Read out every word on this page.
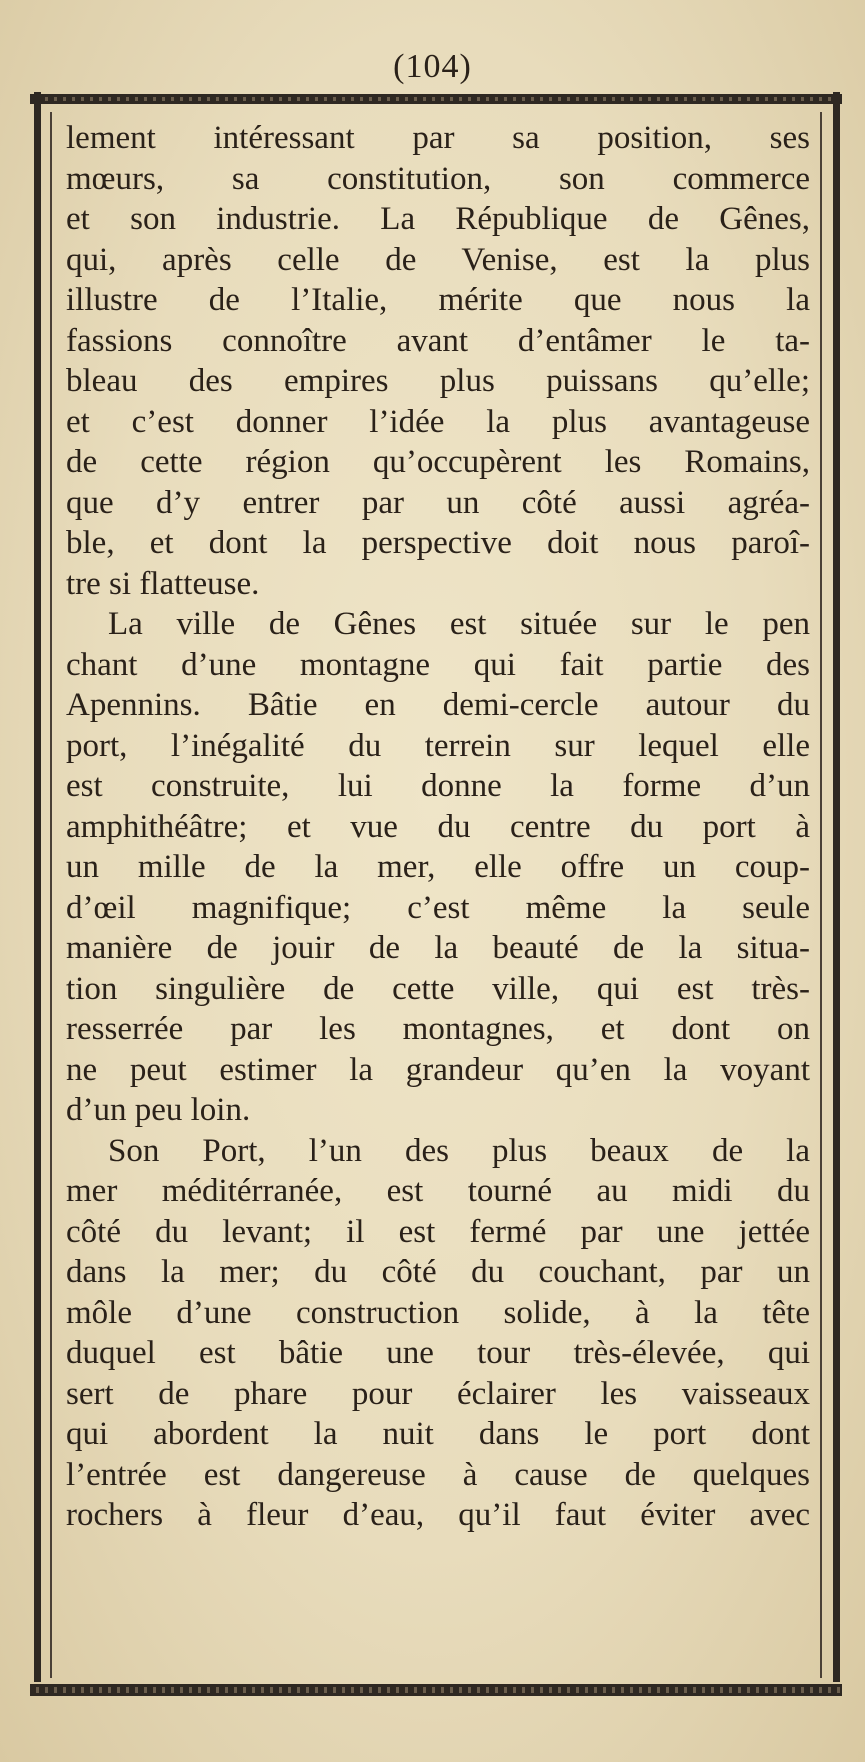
(104)
lement intéressant par sa position, ses
mœurs, sa constitution, son commerce
et son industrie. La République de Gênes,
qui, après celle de Venise, est la plus
illustre de l’Italie, mérite que nous la
fassions connoître avant d’entâmer le ta-
bleau des empires plus puissans qu’elle;
et c’est donner l’idée la plus avantageuse
de cette région qu’occupèrent les Romains,
que d’y entrer par un côté aussi agréa-
ble, et dont la perspective doit nous paroî-
tre si flatteuse.
La ville de Gênes est située sur le pen
chant d’une montagne qui fait partie des
Apennins. Bâtie en demi-cercle autour du
port, l’inégalité du terrein sur lequel elle
est construite, lui donne la forme d’un
amphithéâtre; et vue du centre du port à
un mille de la mer, elle offre un coup-
d’œil magnifique; c’est même la seule
manière de jouir de la beauté de la situa-
tion singulière de cette ville, qui est très-
resserrée par les montagnes, et dont on
ne peut estimer la grandeur qu’en la voyant
d’un peu loin.
Son Port, l’un des plus beaux de la
mer méditérranée, est tourné au midi du
côté du levant; il est fermé par une jettée
dans la mer; du côté du couchant, par un
môle d’une construction solide, à la tête
duquel est bâtie une tour très-élevée, qui
sert de phare pour éclairer les vaisseaux
qui abordent la nuit dans le port dont
l’entrée est dangereuse à cause de quelques
rochers à fleur d’eau, qu’il faut éviter avec
